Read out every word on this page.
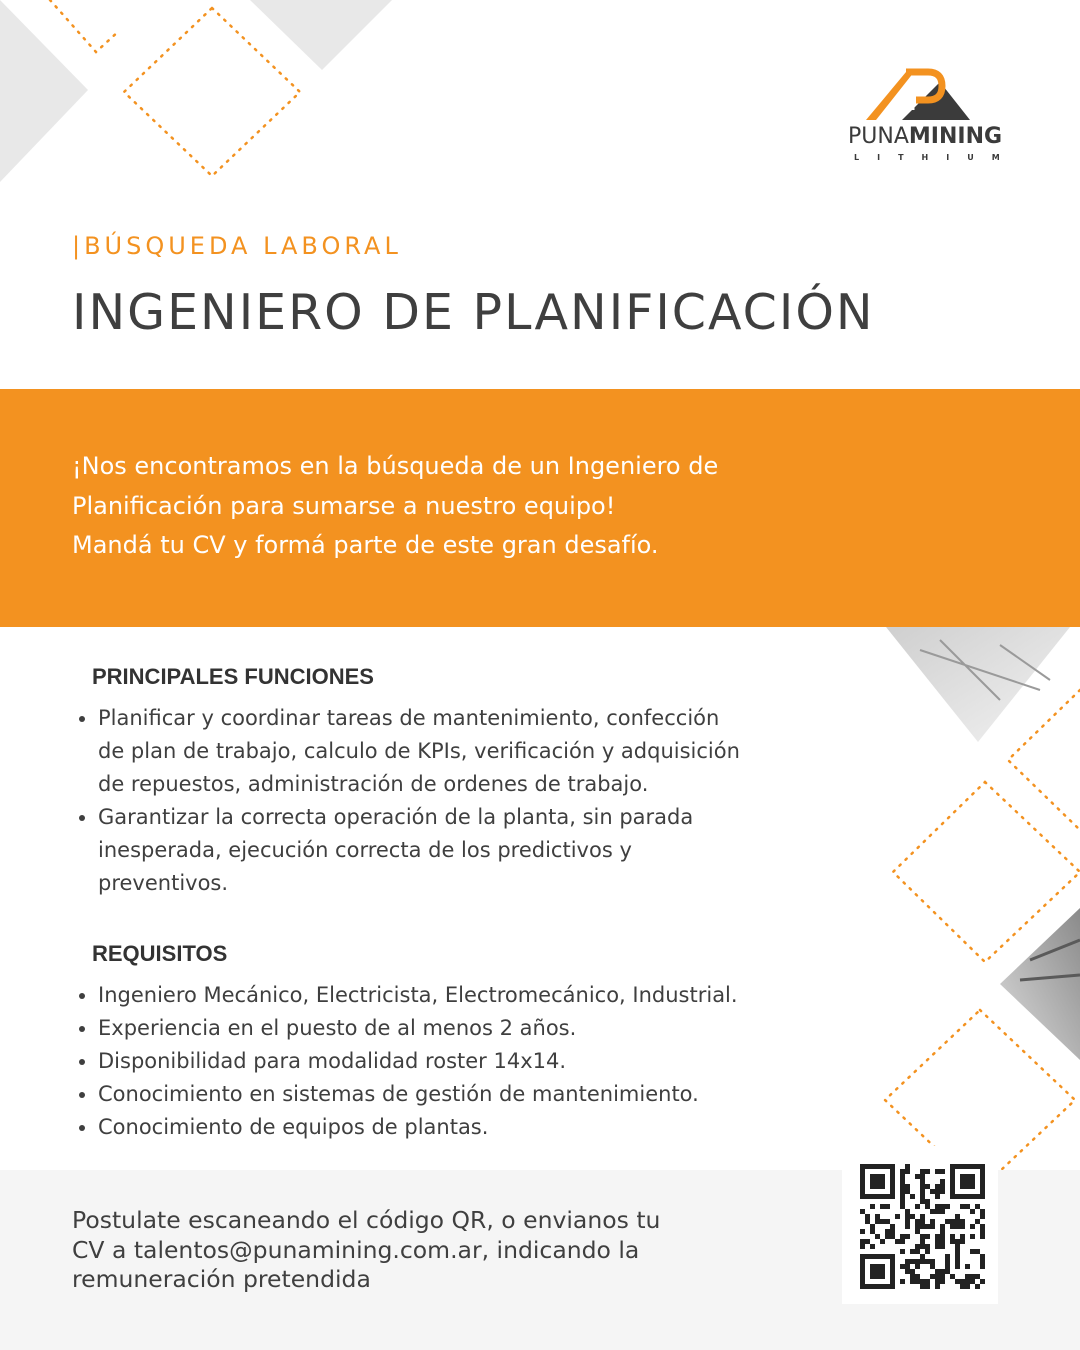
PUNAMINING
LITHIUM
|BÚSQUEDA LABORAL
INGENIERO DE PLANIFICACIÓN

¡Nos encontramos en la búsqueda de un Ingeniero de

Planificación para sumarse a nuestro equipo!

Mandá tu CV y formá parte de este gran desafío.

PRINCIPALES FUNCIONES
• Planificar y coordinar tareas de mantenimiento, confección
de plan de trabajo, calculo de KPIs, verificación y adquisición
de repuestos, administración de ordenes de trabajo.
• Garantizar la correcta operación de la planta, sin parada
inesperada, ejecución correcta de los predictivos y
preventivos.
REQUISITOS
• Ingeniero Mecánico, Electricista, Electromecánico, Industrial.
• Experiencia en el puesto de al menos 2 años.
• Disponibilidad para modalidad roster 14x14.
• Conocimiento en sistemas de gestión de mantenimiento.
• Conocimiento de equipos de plantas.

Postulate escaneando el código QR, o envianos tu

CV a talentos@punamining.com.ar, indicando la

remuneración pretendida
